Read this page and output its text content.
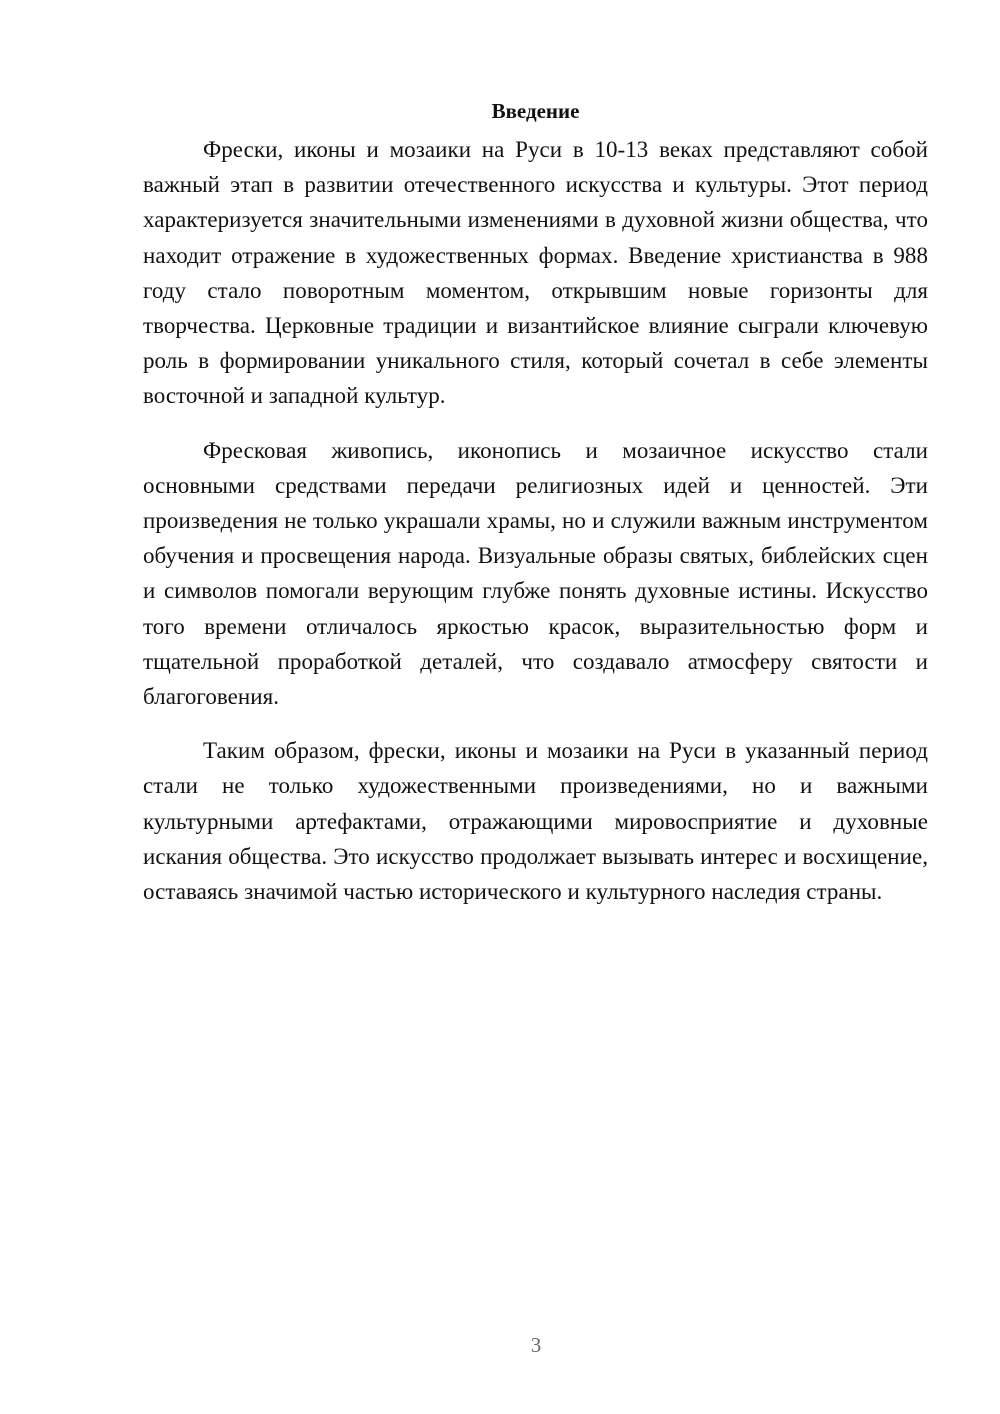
Введение

Фрески, иконы и мозаики на Руси в 10-13 веках представляют собой важный этап в развитии отечественного искусства и культуры. Этот период характеризуется значительными изменениями в духовной жизни общества, что находит отражение в художественных формах. Введение христианства в 988 году стало поворотным моментом, открывшим новые горизонты для творчества. Церковные традиции и византийское влияние сыграли ключевую роль в формировании уникального стиля, который сочетал в себе элементы восточной и западной культур.

Фресковая живопись, иконопись и мозаичное искусство стали основными средствами передачи религиозных идей и ценностей. Эти произведения не только украшали храмы, но и служили важным инструментом обучения и просвещения народа. Визуальные образы святых, библейских сцен и символов помогали верующим глубже понять духовные истины. Искусство того времени отличалось яркостью красок, выразительностью форм и тщательной проработкой деталей, что создавало атмосферу святости и благоговения.

Таким образом, фрески, иконы и мозаики на Руси в указанный период стали не только художественными произведениями, но и важными культурными артефактами, отражающими мировосприятие и духовные искания общества. Это искусство продолжает вызывать интерес и восхищение, оставаясь значимой частью исторического и культурного наследия страны.

3
